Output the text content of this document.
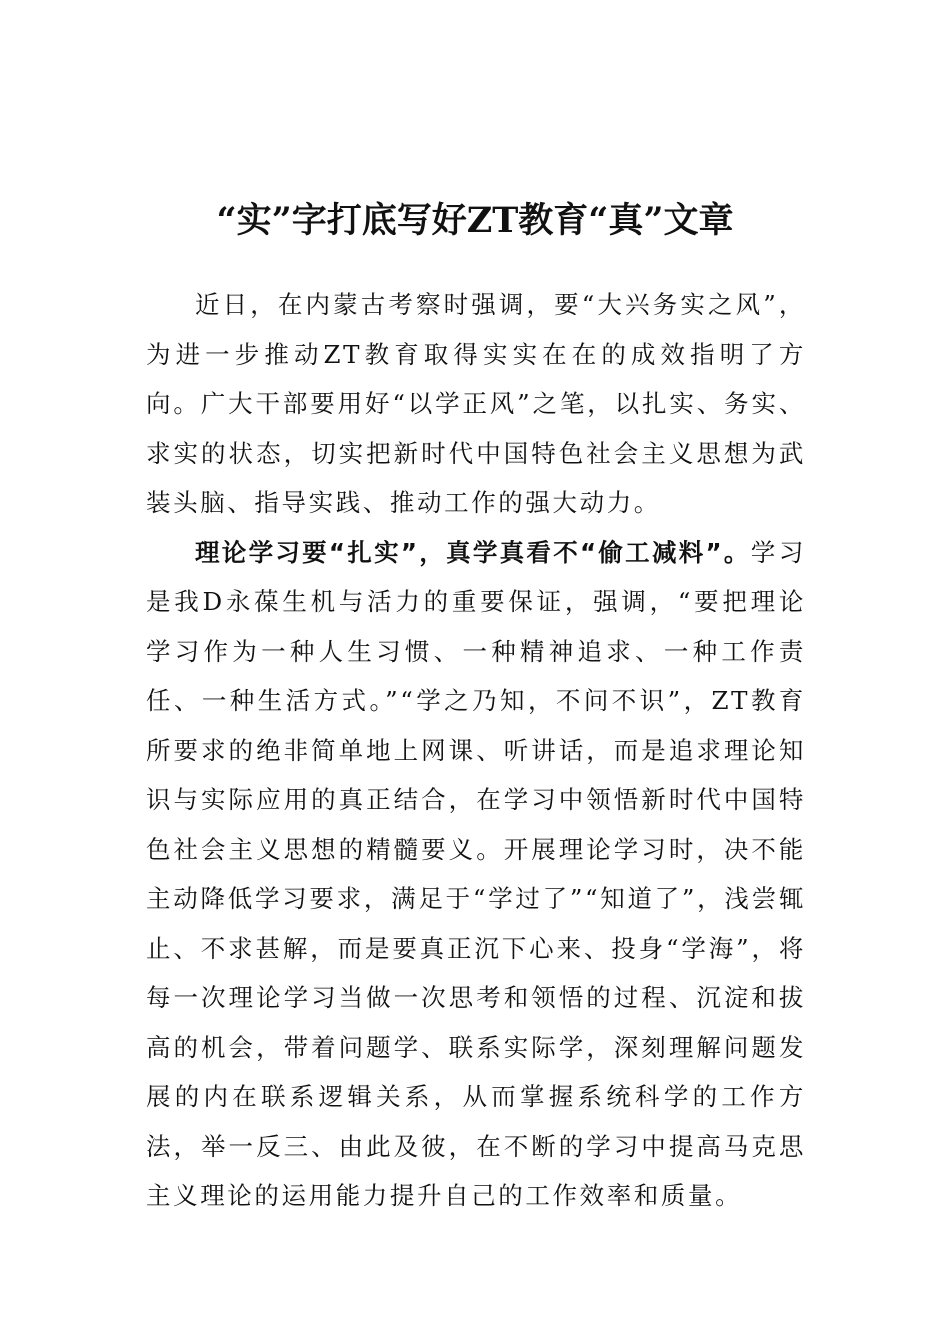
“实”字打底写好ZT教育“真”文章

近日，在内蒙古考察时强调，要“大兴务实之风”，为进一步推动ZT教育取得实实在在的成效指明了方向。广大干部要用好“以学正风”之笔，以扎实、务实、求实的状态，切实把新时代中国特色社会主义思想为武装头脑、指导实践、推动工作的强大动力。

理论学习要“扎实”，真学真看不“偷工减料”。学习是我D永葆生机与活力的重要保证，强调，“要把理论学习作为一种人生习惯、一种精神追求、一种工作责任、一种生活方式。”“学之乃知，不问不识”，ZT教育所要求的绝非简单地上网课、听讲话，而是追求理论知识与实际应用的真正结合，在学习中领悟新时代中国特色社会主义思想的精髓要义。开展理论学习时，决不能主动降低学习要求，满足于“学过了”“知道了”，浅尝辄止、不求甚解，而是要真正沉下心来、投身“学海”，将每一次理论学习当做一次思考和领悟的过程、沉淀和拔高的机会，带着问题学、联系实际学，深刻理解问题发展的内在联系逻辑关系，从而掌握系统科学的工作方法，举一反三、由此及彼，在不断的学习中提高马克思主义理论的运用能力提升自己的工作效率和质量。
